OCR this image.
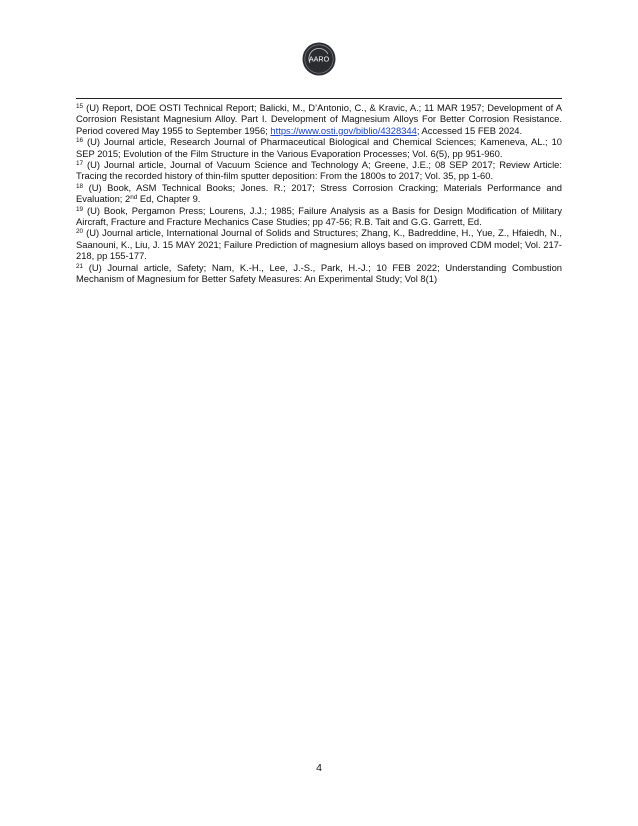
AARO

$^{15}$ (U) Report, DOE OSTI Technical Report; Balicki, M., D’Antonio, C., & Kravic, A.; 11 MAR 1957; Development of A Corrosion Resistant Magnesium Alloy. Part I. Development of Magnesium Alloys For Better Corrosion Resistance. Period covered May 1955 to September 1956; https://www.osti.gov/biblio/4328344; Accessed 15 FEB 2024.

$^{16}$ (U) Journal article, Research Journal of Pharmaceutical Biological and Chemical Sciences; Kameneva, AL.; 10 SEP 2015; Evolution of the Film Structure in the Various Evaporation Processes; Vol. 6(5), pp 951-960.

$^{17}$ (U) Journal article, Journal of Vacuum Science and Technology A; Greene, J.E.; 08 SEP 2017; Review Article: Tracing the recorded history of thin-film sputter deposition: From the 1800s to 2017; Vol. 35, pp 1-60.

$^{18}$ (U) Book, ASM Technical Books; Jones. R.; 2017; Stress Corrosion Cracking; Materials Performance and Evaluation; 2nd Ed, Chapter 9.

$^{19}$ (U) Book, Pergamon Press; Lourens, J.J.; 1985; Failure Analysis as a Basis for Design Modification of Military Aircraft, Fracture and Fracture Mechanics Case Studies; pp 47-56; R.B. Tait and G.G. Garrett, Ed.

$^{20}$ (U) Journal article, International Journal of Solids and Structures; Zhang, K., Badreddine, H., Yue, Z., Hfaiedh, N., Saanouni, K., Liu, J. 15 MAY 2021; Failure Prediction of magnesium alloys based on improved CDM model; Vol. 217-218, pp 155-177.

$^{21}$ (U) Journal article, Safety; Nam, K.-H., Lee, J.-S., Park, H.-J.; 10 FEB 2022; Understanding Combustion Mechanism of Magnesium for Better Safety Measures: An Experimental Study; Vol 8(1)

4
